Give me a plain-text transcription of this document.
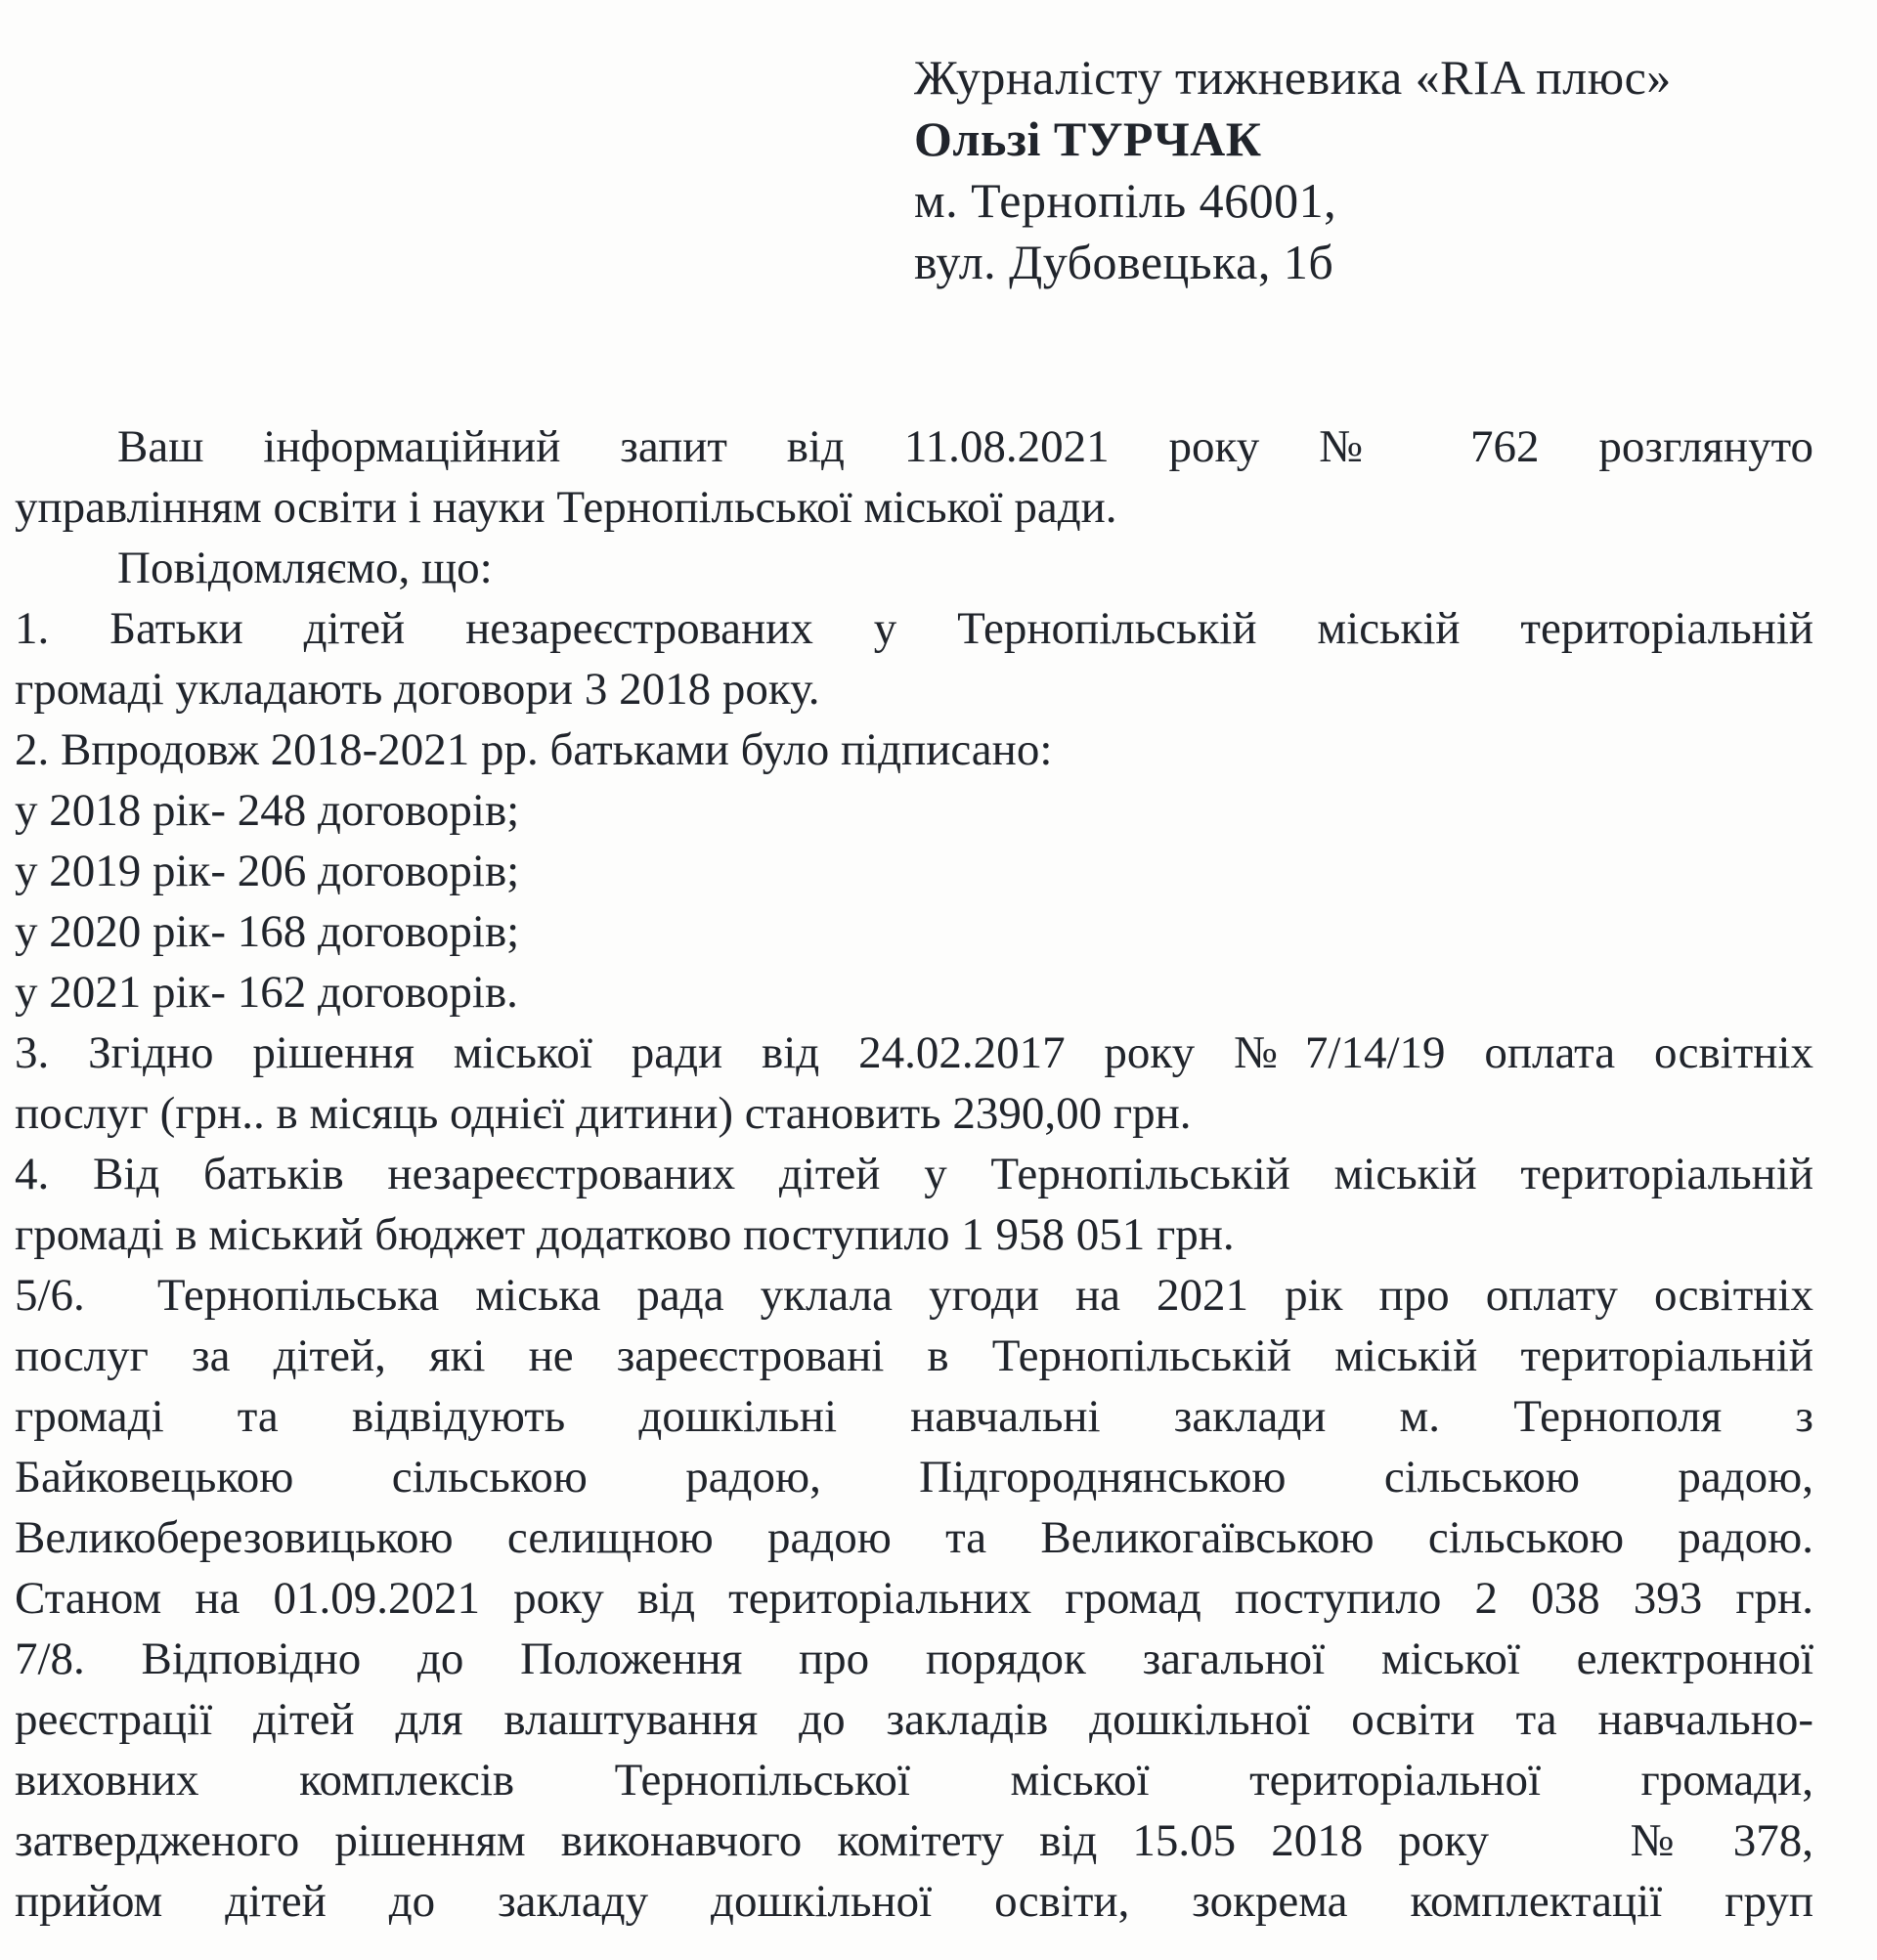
Журналісту тижневика «RIA плюс»
Ользі ТУРЧАК
м. Тернопіль 46001,
вул. Дубовецька, 1б
Ваш інформаційний запит від 11.08.2021 року № 762 розглянуто
управлінням освіти і науки Тернопільської міської ради.
Повідомляємо, що:
1. Батьки дітей незареєстрованих у Тернопільській міській територіальній
громаді укладають договори 3 2018 року.
2. Впродовж 2018-2021 рр. батьками було підписано:
у 2018 рік- 248 договорів;
у 2019 рік- 206 договорів;
у 2020 рік- 168 договорів;
у 2021 рік- 162 договорів.
3. Згідно рішення міської ради від 24.02.2017 року №7/14/19 оплата освітніх
послуг (грн.. в місяць однієї дитини) становить 2390,00 грн.
4. Від батьків незареєстрованих дітей у Тернопільській міській територіальній
громаді в міський бюджет додатково поступило 1 958 051 грн.
5/6.  Тернопільська міська рада уклала угоди на 2021 рік про оплату освітніх
послуг за дітей, які не зареєстровані в Тернопільській міській територіальній
громаді та відвідують дошкільні навчальні заклади м. Тернополя з
Байковецькою сільською радою, Підгороднянською сільською радою,
Великоберезовицькою селищною радою та Великогаївською сільською радою.
Станом на 01.09.2021 року від територіальних громад поступило 2 038 393 грн.
7/8. Відповідно до Положення про порядок загальної міської електронної
реєстрації дітей для влаштування до закладів дошкільної освіти та навчально-
виховних комплексів Тернопільської міської територіальної громади,
затвердженого рішенням виконавчого комітету від 15.05 2018 року    № 378,
прийом дітей до закладу дошкільної освіти, зокрема комплектації груп
